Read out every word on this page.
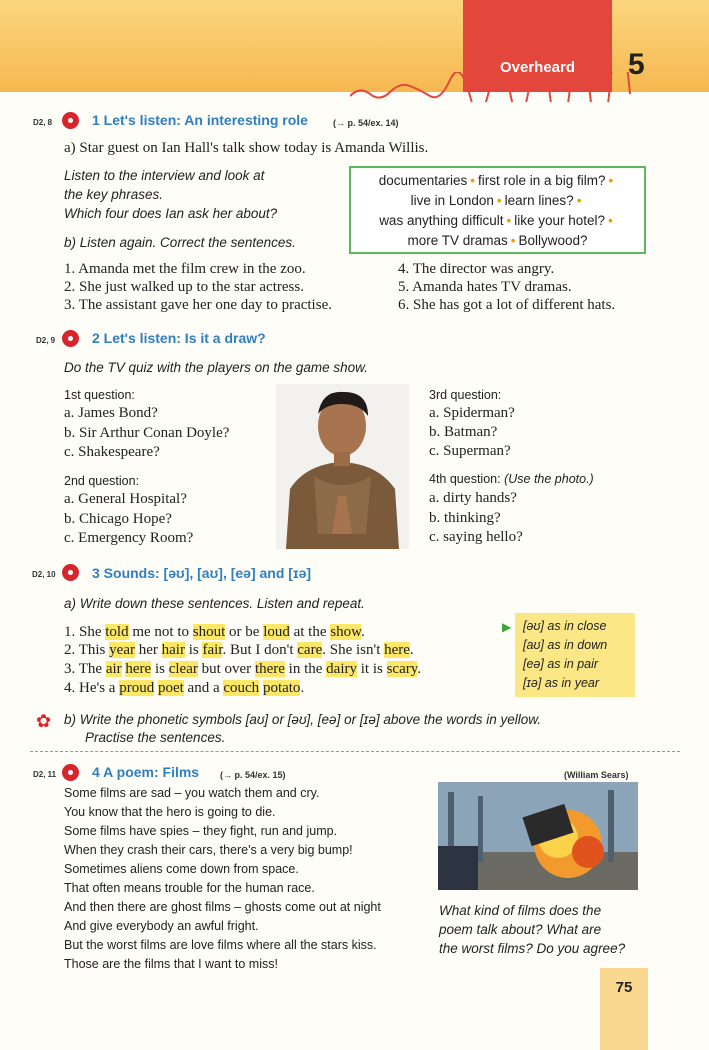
Overheard	5
D2, 8	1 Let's listen: An interesting role	(→ p. 54/ex. 14)
a) Star guest on Ian Hall's talk show today is Amanda Willis.
Listen to the interview and look at
the key phrases.
Which four does Ian ask her about?
documentaries • first role in a big film? •
live in London • learn lines? •
was anything difficult • like your hotel? •
more TV dramas • Bollywood?
b) Listen again. Correct the sentences.
1. Amanda met the film crew in the zoo.
2. She just walked up to the star actress.
3. The assistant gave her one day to practise.
4. The director was angry.
5. Amanda hates TV dramas.
6. She has got a lot of different hats.
D2, 9	2 Let's listen: Is it a draw?
Do the TV quiz with the players on the game show.
1st question:
a. James Bond?
b. Sir Arthur Conan Doyle?
c. Shakespeare?
2nd question:
a. General Hospital?
b. Chicago Hope?
c. Emergency Room?
3rd question:
a. Spiderman?
b. Batman?
c. Superman?
4th question: (Use the photo.)
a. dirty hands?
b. thinking?
c. saying hello?
D2, 10	3 Sounds: [əʊ], [aʊ], [eə] and [ɪə]
a) Write down these sentences. Listen and repeat.
1. She told me not to shout or be loud at the show.
2. This year her hair is fair. But I don't care. She isn't here.
3. The air here is clear but over there in the dairy it is scary.
4. He's a proud poet and a couch potato.
▶ [əʊ] as in close
[aʊ] as in down
[eə] as in pair
[ɪə] as in year
✿ b) Write the phonetic symbols [aʊ] or [əʊ], [eə] or [ɪə] above the words in yellow.
Practise the sentences.
D2, 11	4 A poem: Films (→ p. 54/ex. 15)	(William Sears)
Some films are sad – you watch them and cry.
You know that the hero is going to die.
Some films have spies – they fight, run and jump.
When they crash their cars, there's a very big bump!
Sometimes aliens come down from space.
That often means trouble for the human race.
And then there are ghost films – ghosts come out at night
And give everybody an awful fright.
But the worst films are love films where all the stars kiss.
Those are the films that I want to miss!
What kind of films does the
poem talk about? What are
the worst films? Do you agree?
75
